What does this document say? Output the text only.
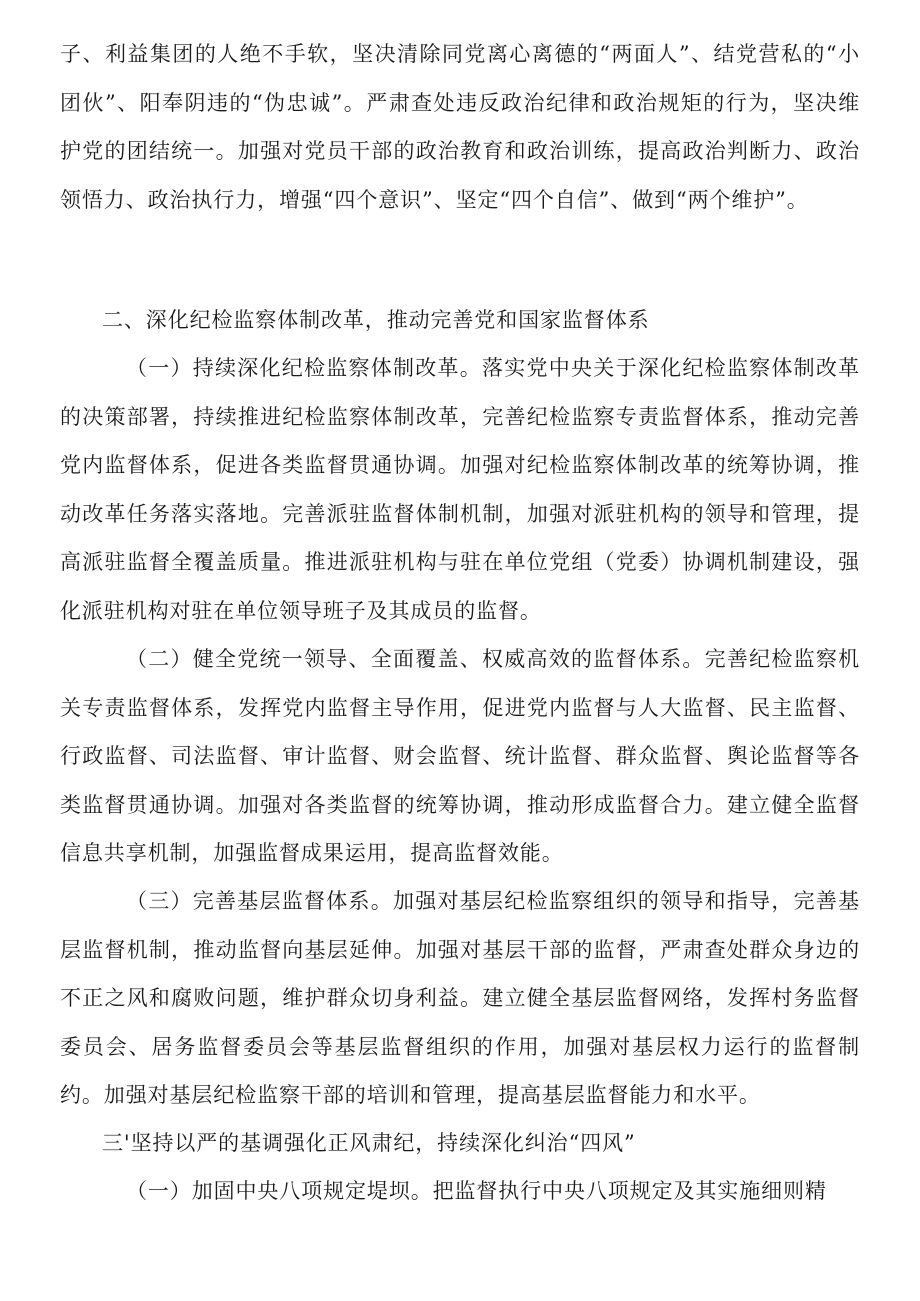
子、利益集团的人绝不手软，坚决清除同党离心离德的“两面人”、结党营私的“小团伙”、阳奉阴违的“伪忠诚”。严肃查处违反政治纪律和政治规矩的行为，坚决维护党的团结统一。加强对党员干部的政治教育和政治训练，提高政治判断力、政治领悟力、政治执行力，增强“四个意识”、坚定“四个自信”、做到“两个维护”。

二、深化纪检监察体制改革，推动完善党和国家监督体系

（一）持续深化纪检监察体制改革。落实党中央关于深化纪检监察体制改革的决策部署，持续推进纪检监察体制改革，完善纪检监察专责监督体系，推动完善党内监督体系，促进各类监督贯通协调。加强对纪检监察体制改革的统筹协调，推动改革任务落实落地。完善派驻监督体制机制，加强对派驻机构的领导和管理，提高派驻监督全覆盖质量。推进派驻机构与驻在单位党组（党委）协调机制建设，强化派驻机构对驻在单位领导班子及其成员的监督。

（二）健全党统一领导、全面覆盖、权威高效的监督体系。完善纪检监察机关专责监督体系，发挥党内监督主导作用，促进党内监督与人大监督、民主监督、行政监督、司法监督、审计监督、财会监督、统计监督、群众监督、舆论监督等各类监督贯通协调。加强对各类监督的统筹协调，推动形成监督合力。建立健全监督信息共享机制，加强监督成果运用，提高监督效能。

（三）完善基层监督体系。加强对基层纪检监察组织的领导和指导，完善基层监督机制，推动监督向基层延伸。加强对基层干部的监督，严肃查处群众身边的不正之风和腐败问题，维护群众切身利益。建立健全基层监督网络，发挥村务监督委员会、居务监督委员会等基层监督组织的作用，加强对基层权力运行的监督制约。加强对基层纪检监察干部的培训和管理，提高基层监督能力和水平。

三'坚持以严的基调强化正风肃纪，持续深化纠治“四风”

（一）加固中央八项规定堤坝。把监督执行中央八项规定及其实施细则精
